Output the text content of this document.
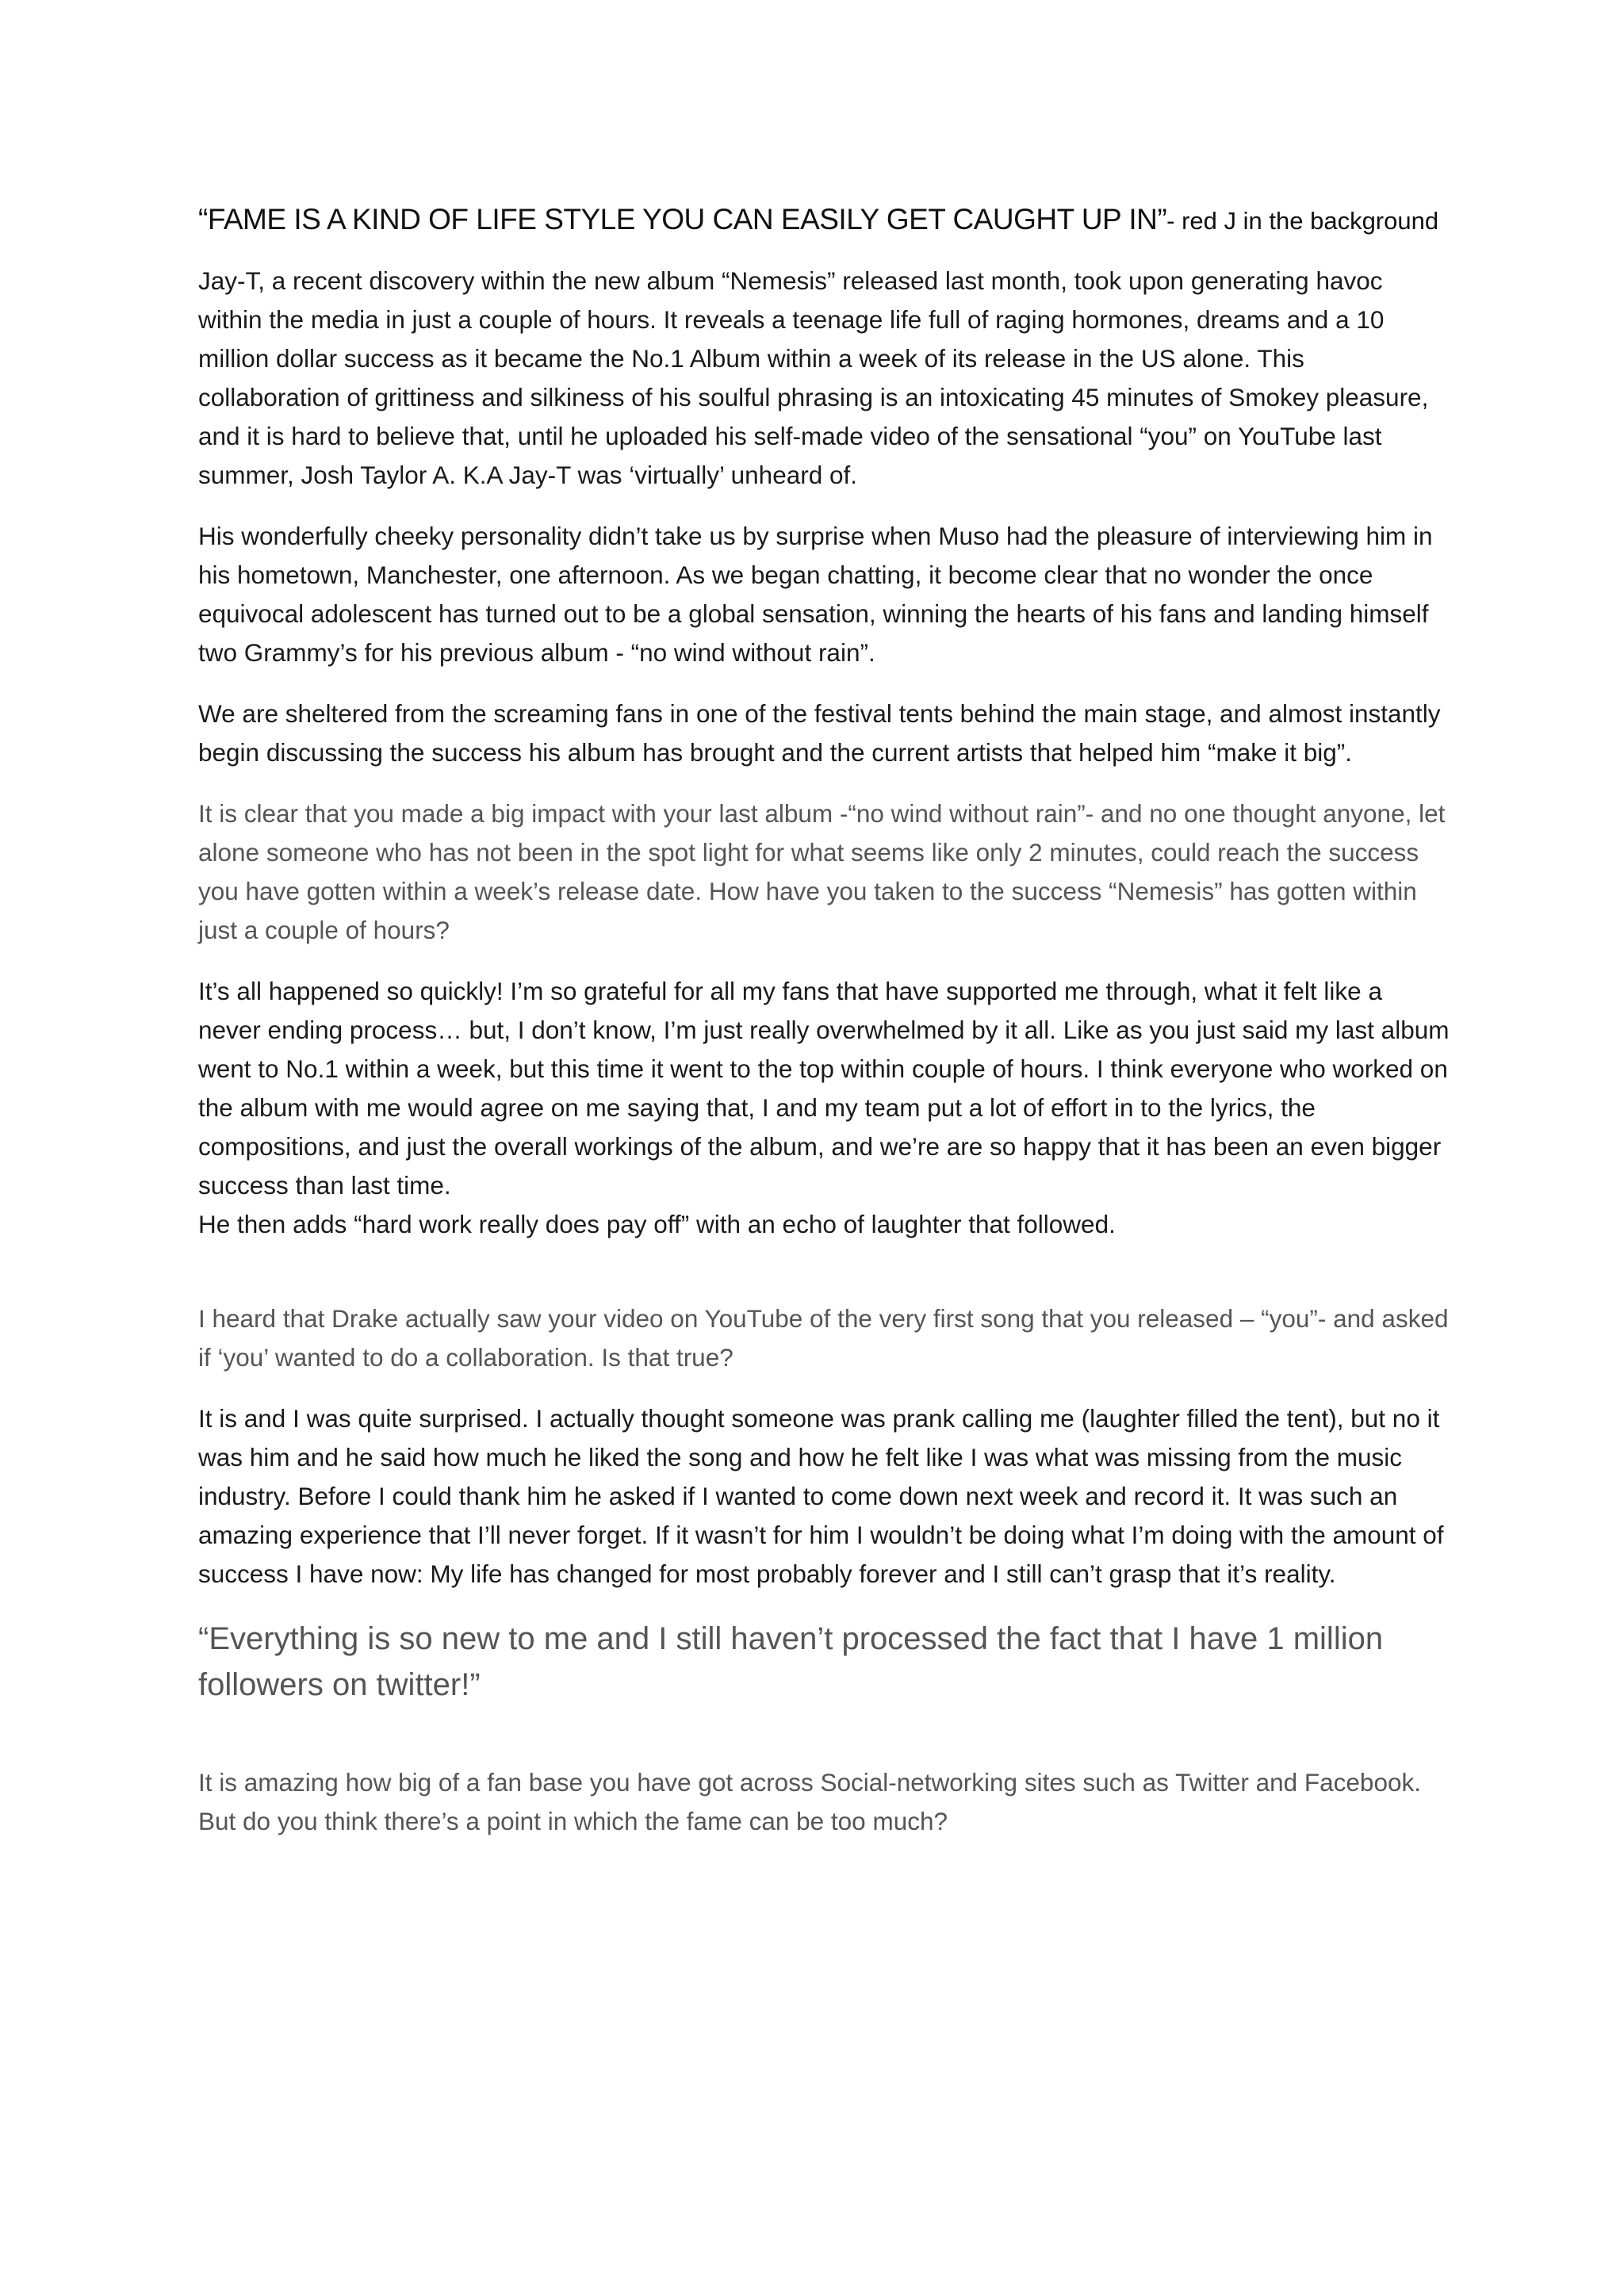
“FAME IS A KIND OF LIFE STYLE YOU CAN EASILY GET CAUGHT UP IN”- red J in the background

Jay-T, a recent discovery within the new album “Nemesis” released last month, took upon generating havoc within the media in just a couple of hours. It reveals a teenage life full of raging hormones, dreams and a 10 million dollar success as it became the No.1 Album within a week of its release in the US alone. This collaboration of grittiness and silkiness of his soulful phrasing is an intoxicating 45 minutes of Smokey pleasure, and it is hard to believe that, until he uploaded his self-made video of the sensational “you” on YouTube last summer, Josh Taylor A. K.A Jay-T was ‘virtually’ unheard of.

His wonderfully cheeky personality didn’t take us by surprise when Muso had the pleasure of interviewing him in his hometown, Manchester, one afternoon. As we began chatting, it become clear that no wonder the once equivocal adolescent has turned out to be a global sensation, winning the hearts of his fans and landing himself two Grammy’s for his previous album - “no wind without rain”.

We are sheltered from the screaming fans in one of the festival tents behind the main stage, and almost instantly begin discussing the success his album has brought and the current artists that helped him “make it big”.

It is clear that you made a big impact with your last album -“no wind without rain”- and no one thought anyone, let alone someone who has not been in the spot light for what seems like only 2 minutes, could reach the success you have gotten within a week’s release date. How have you taken to the success “Nemesis” has gotten within just a couple of hours?

It’s all happened so quickly! I’m so grateful for all my fans that have supported me through, what it felt like a never ending process… but, I don’t know, I’m just really overwhelmed by it all. Like as you just said my last album went to No.1 within a week, but this time it went to the top within couple of hours. I think everyone who worked on the album with me would agree on me saying that, I and my team put a lot of effort in to the lyrics, the compositions, and just the overall workings of the album, and we’re are so happy that it has been an even bigger success than last time.
He then adds “hard work really does pay off” with an echo of laughter that followed.

I heard that Drake actually saw your video on YouTube of the very first song that you released – “you”- and asked if ‘you’ wanted to do a collaboration. Is that true?

It is and I was quite surprised. I actually thought someone was prank calling me (laughter filled the tent), but no it was him and he said how much he liked the song and how he felt like I was what was missing from the music industry. Before I could thank him he asked if I wanted to come down next week and record it. It was such an amazing experience that I’ll never forget. If it wasn’t for him I wouldn’t be doing what I’m doing with the amount of success I have now: My life has changed for most probably forever and I still can’t grasp that it’s reality.

“Everything is so new to me and I still haven’t processed the fact that I have 1 million followers on twitter!”

It is amazing how big of a fan base you have got across Social-networking sites such as Twitter and Facebook. But do you think there’s a point in which the fame can be too much?
